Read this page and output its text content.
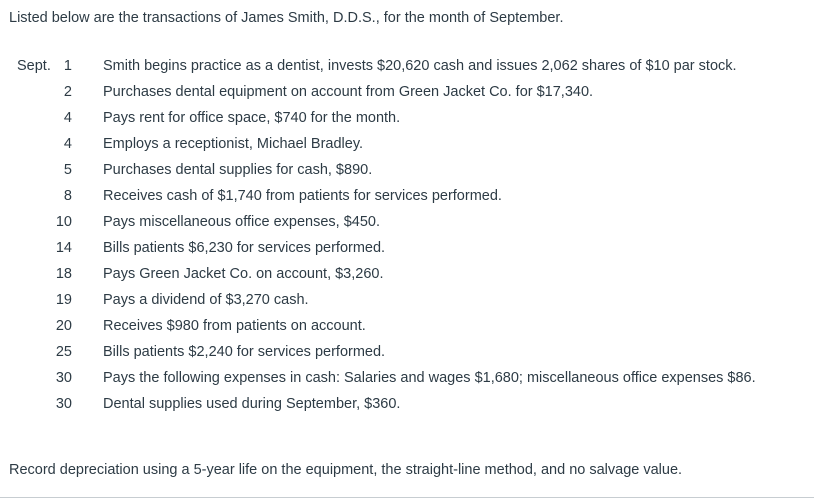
Listed below are the transactions of James Smith, D.D.S., for the month of September.
Sept. 1 Smith begins practice as a dentist, invests $20,620 cash and issues 2,062 shares of $10 par stock.
2 Purchases dental equipment on account from Green Jacket Co. for $17,340.
4 Pays rent for office space, $740 for the month.
4 Employs a receptionist, Michael Bradley.
5 Purchases dental supplies for cash, $890.
8 Receives cash of $1,740 from patients for services performed.
10 Pays miscellaneous office expenses, $450.
14 Bills patients $6,230 for services performed.
18 Pays Green Jacket Co. on account, $3,260.
19 Pays a dividend of $3,270 cash.
20 Receives $980 from patients on account.
25 Bills patients $2,240 for services performed.
30 Pays the following expenses in cash: Salaries and wages $1,680; miscellaneous office expenses $86.
30 Dental supplies used during September, $360.
Record depreciation using a 5-year life on the equipment, the straight-line method, and no salvage value.
